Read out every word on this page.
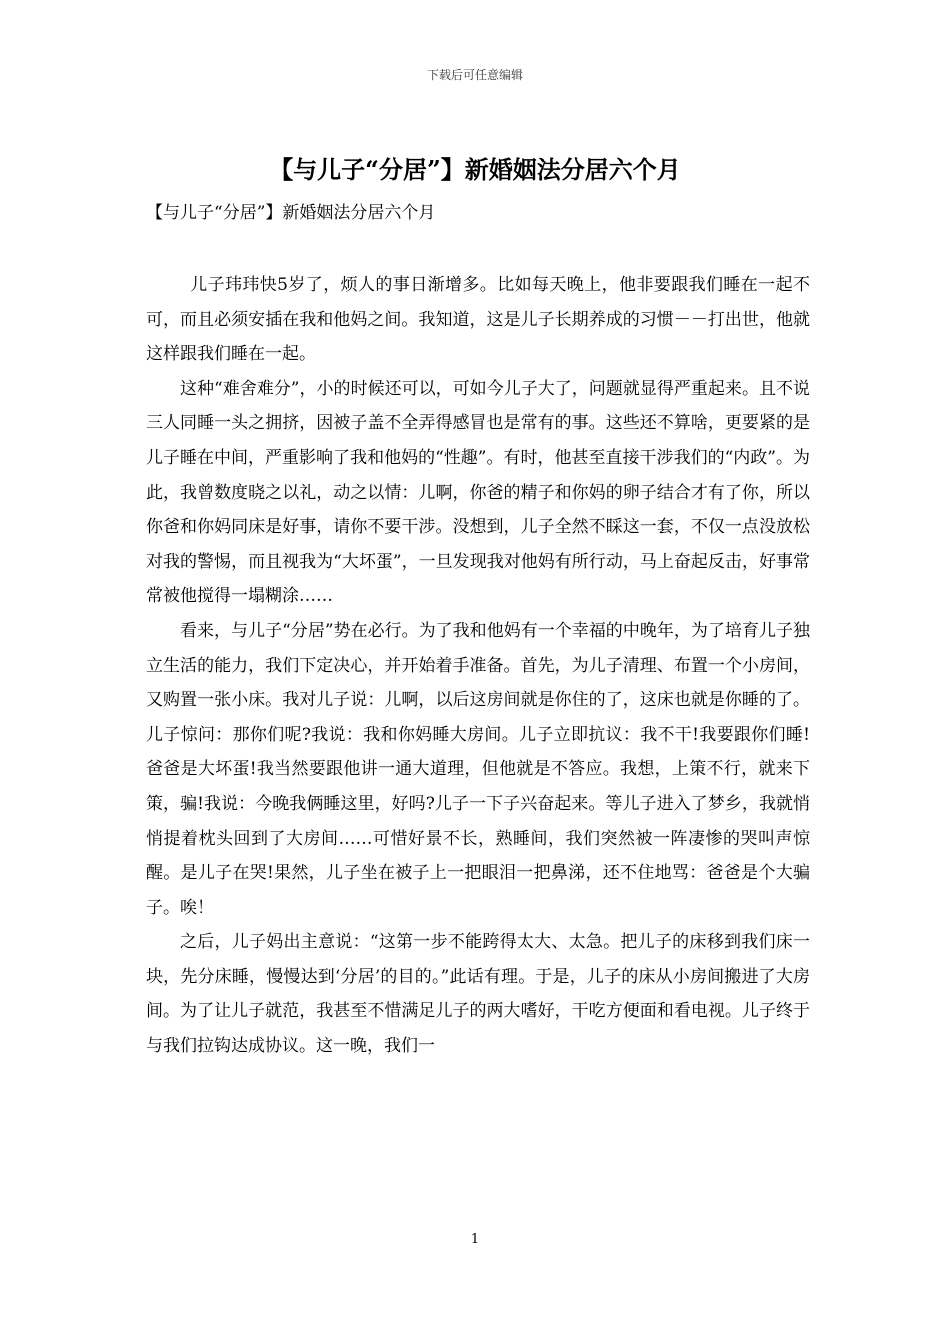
下载后可任意编辑
【与儿子“分居”】新婚姻法分居六个月
【与儿子“分居”】新婚姻法分居六个月

儿子玮玮快5岁了，烦人的事日渐增多。比如每天晚上，他非要跟我们睡在一起不可，而且必须安插在我和他妈之间。我知道，这是儿子长期养成的习惯－－打出世，他就这样跟我们睡在一起。

这种“难舍难分”，小的时候还可以，可如今儿子大了，问题就显得严重起来。且不说三人同睡一头之拥挤，因被子盖不全弄得感冒也是常有的事。这些还不算啥，更要紧的是儿子睡在中间，严重影响了我和他妈的“性趣”。有时，他甚至直接干涉我们的“内政”。为此，我曾数度晓之以礼，动之以情：儿啊，你爸的精子和你妈的卵子结合才有了你，所以你爸和你妈同床是好事，请你不要干涉。没想到，儿子全然不睬这一套，不仅一点没放松对我的警惕，而且视我为“大坏蛋”，一旦发现我对他妈有所行动，马上奋起反击，好事常常被他搅得一塌糊涂……

看来，与儿子“分居”势在必行。为了我和他妈有一个幸福的中晚年，为了培育儿子独立生活的能力，我们下定决心，并开始着手准备。首先，为儿子清理、布置一个小房间，又购置一张小床。我对儿子说：儿啊，以后这房间就是你住的了，这床也就是你睡的了。儿子惊问：那你们呢?我说：我和你妈睡大房间。儿子立即抗议：我不干!我要跟你们睡!爸爸是大坏蛋!我当然要跟他讲一通大道理，但他就是不答应。我想，上策不行，就来下策，骗!我说：今晚我俩睡这里，好吗?儿子一下子兴奋起来。等儿子进入了梦乡，我就悄悄提着枕头回到了大房间……可惜好景不长，熟睡间，我们突然被一阵凄惨的哭叫声惊醒。是儿子在哭!果然，儿子坐在被子上一把眼泪一把鼻涕，还不住地骂：爸爸是个大骗子。唉！

之后，儿子妈出主意说：“这第一步不能跨得太大、太急。把儿子的床移到我们床一块，先分床睡，慢慢达到‘分居’的目的。”此话有理。于是，儿子的床从小房间搬进了大房间。为了让儿子就范，我甚至不惜满足儿子的两大嗜好，干吃方便面和看电视。儿子终于与我们拉钩达成协议。这一晚，我们一

1
